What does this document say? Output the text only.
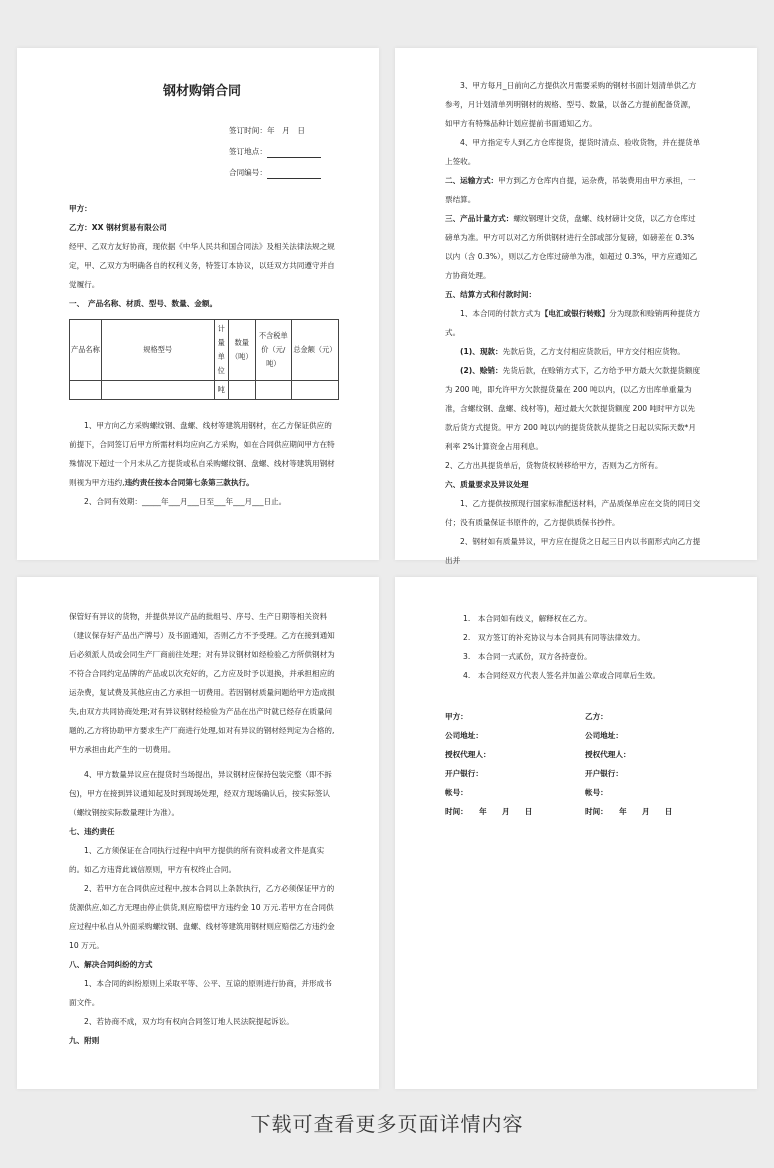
钢材购销合同
签订时间：年　月　日
签订地点：
合同编号：

甲方：

乙方：XX 钢材贸易有限公司

经甲、乙双方友好协商，现依据《中华人民共和国合同法》及相关法律法规之规定，甲、乙双方为明确各自的权利义务，特签订本协议，以廷双方共同遵守并自觉履行。

一、　产品名称、材质、型号、数量、金额。

产品名称	规格型号	计量单位	数量（吨）	不含税单价（元/吨）	总金额（元）
		吨			

1、甲方向乙方采购螺纹钢、盘螺、线材等建筑用钢材，在乙方保证供应的前提下，合同签订后甲方所需材料均应向乙方采购，如在合同供应期间甲方在特殊情况下超过一个月未从乙方提货或私自采购螺纹钢、盘螺、线材等建筑用钢材则视为甲方违约,违约责任按本合同第七条第三款执行。

2、合同有效期：_____年___月___日至___年___月___日止。

3、甲方每月_日前向乙方提供次月需要采购的钢材书面计划清单供乙方参考，月计划清单列明钢材的规格、型号、数量，以备乙方提前配备货源，如甲方有特殊品种计划应提前书面通知乙方。

4、甲方指定专人到乙方仓库提货，提货时清点、验收货物，并在提货单上签收。

二、运输方式：甲方到乙方仓库内自提，运杂费，吊装费用由甲方承担，一票结算。

三、产品计量方式：螺纹钢理计交货，盘螺、线材磅计交货，以乙方仓库过磅单为准。甲方可以对乙方所供钢材进行全部或部分复磅，如磅差在 0.3%以内（含 0.3%），则以乙方仓库过磅单为准，如超过 0.3%，甲方应通知乙方协商处理。

五、结算方式和付款时间：

1、本合同的付款方式为【电汇或银行转账】分为现款和赊销两种提货方式。

(1)、现款：先款后货，乙方支付相应货款后，甲方交付相应货物。

(2)、赊销：先货后款，在赊销方式下，乙方给予甲方最大欠款提货额度为 200 吨，即允许甲方欠款提货量在 200 吨以内，(以乙方出库单重量为准，含螺纹钢、盘螺、线材等)，超过最大欠款提货额度 200 吨时甲方以先款后货方式提货。甲方 200 吨以内的提货货款从提货之日起以实际天数*月利率 2%计算资金占用利息。

2、乙方出具提货单后，货物货权转移给甲方，否则为乙方所有。

六、质量要求及异议处理

1、乙方提供按照现行国家标准配送材料，产品质保单应在交货的同日交付；没有质量保证书原件的，乙方提供质保书抄件。

2、钢材如有质量异议，甲方应在提货之日起三日内以书面形式向乙方提出并

保管好有异议的货物，并提供异议产品的批组号、序号、生产日期等相关资料（建议保存好产品出产牌号）及书面通知，否则乙方不予受理。乙方在接到通知后必须派人员或会同生产厂商前往处理；对有异议钢材如经检验乙方所供钢材为不符合合同约定品牌的产品或以次充好的，乙方应及时予以退换，并承担相应的运杂费，复试费及其他应由乙方承担一切费用。若因钢材质量问题给甲方造成损失,由双方共同协商处理;对有异议钢材经检验为产品在出产时就已经存在质量问题的,乙方将协助甲方要求生产厂商进行处理,如对有异议的钢材经判定为合格的,甲方承担由此产生的一切费用。

4、甲方数量异议应在提货时当场提出，异议钢材应保持包装完整（即不拆包)，甲方在接到异议通知起及时到现场处理，经双方现场确认后，按实际签认（螺纹钢按实际数量理计为准）。

七、违约责任

1、乙方须保证在合同执行过程中向甲方提供的所有资料或者文件是真实的。如乙方违背此诚信原则，甲方有权终止合同。

2、若甲方在合同供应过程中,按本合同以上条款执行，乙方必须保证甲方的货源供应,如乙方无理由停止供货,则应赔偿甲方违约金 10 万元.若甲方在合同供应过程中私自从外面采购螺纹钢、盘螺、线材等建筑用钢材则应赔偿乙方违约金 10 万元。

八、解决合同纠纷的方式

1、本合同的纠纷原则上采取平等、公平、互谅的原则进行协商，并形成书面文件。

2、若协商不成，双方均有权向合同签订地人民法院提起诉讼。

九、附则

1.　本合同如有歧义，解释权在乙方。

2.　双方签订的补充协议与本合同具有同等法律效力。

3.　本合同一式贰份，双方各持壹份。

4.　本合同经双方代表人签名并加盖公章或合同章后生效。

甲方：	乙方：
公司地址：	公司地址：
授权代理人：	授权代理人：
开户银行：	开户银行：
帐号：	帐号：
时间：　　年　　月　　日	时间：　　年　　月　　日
下载可查看更多页面详情内容
